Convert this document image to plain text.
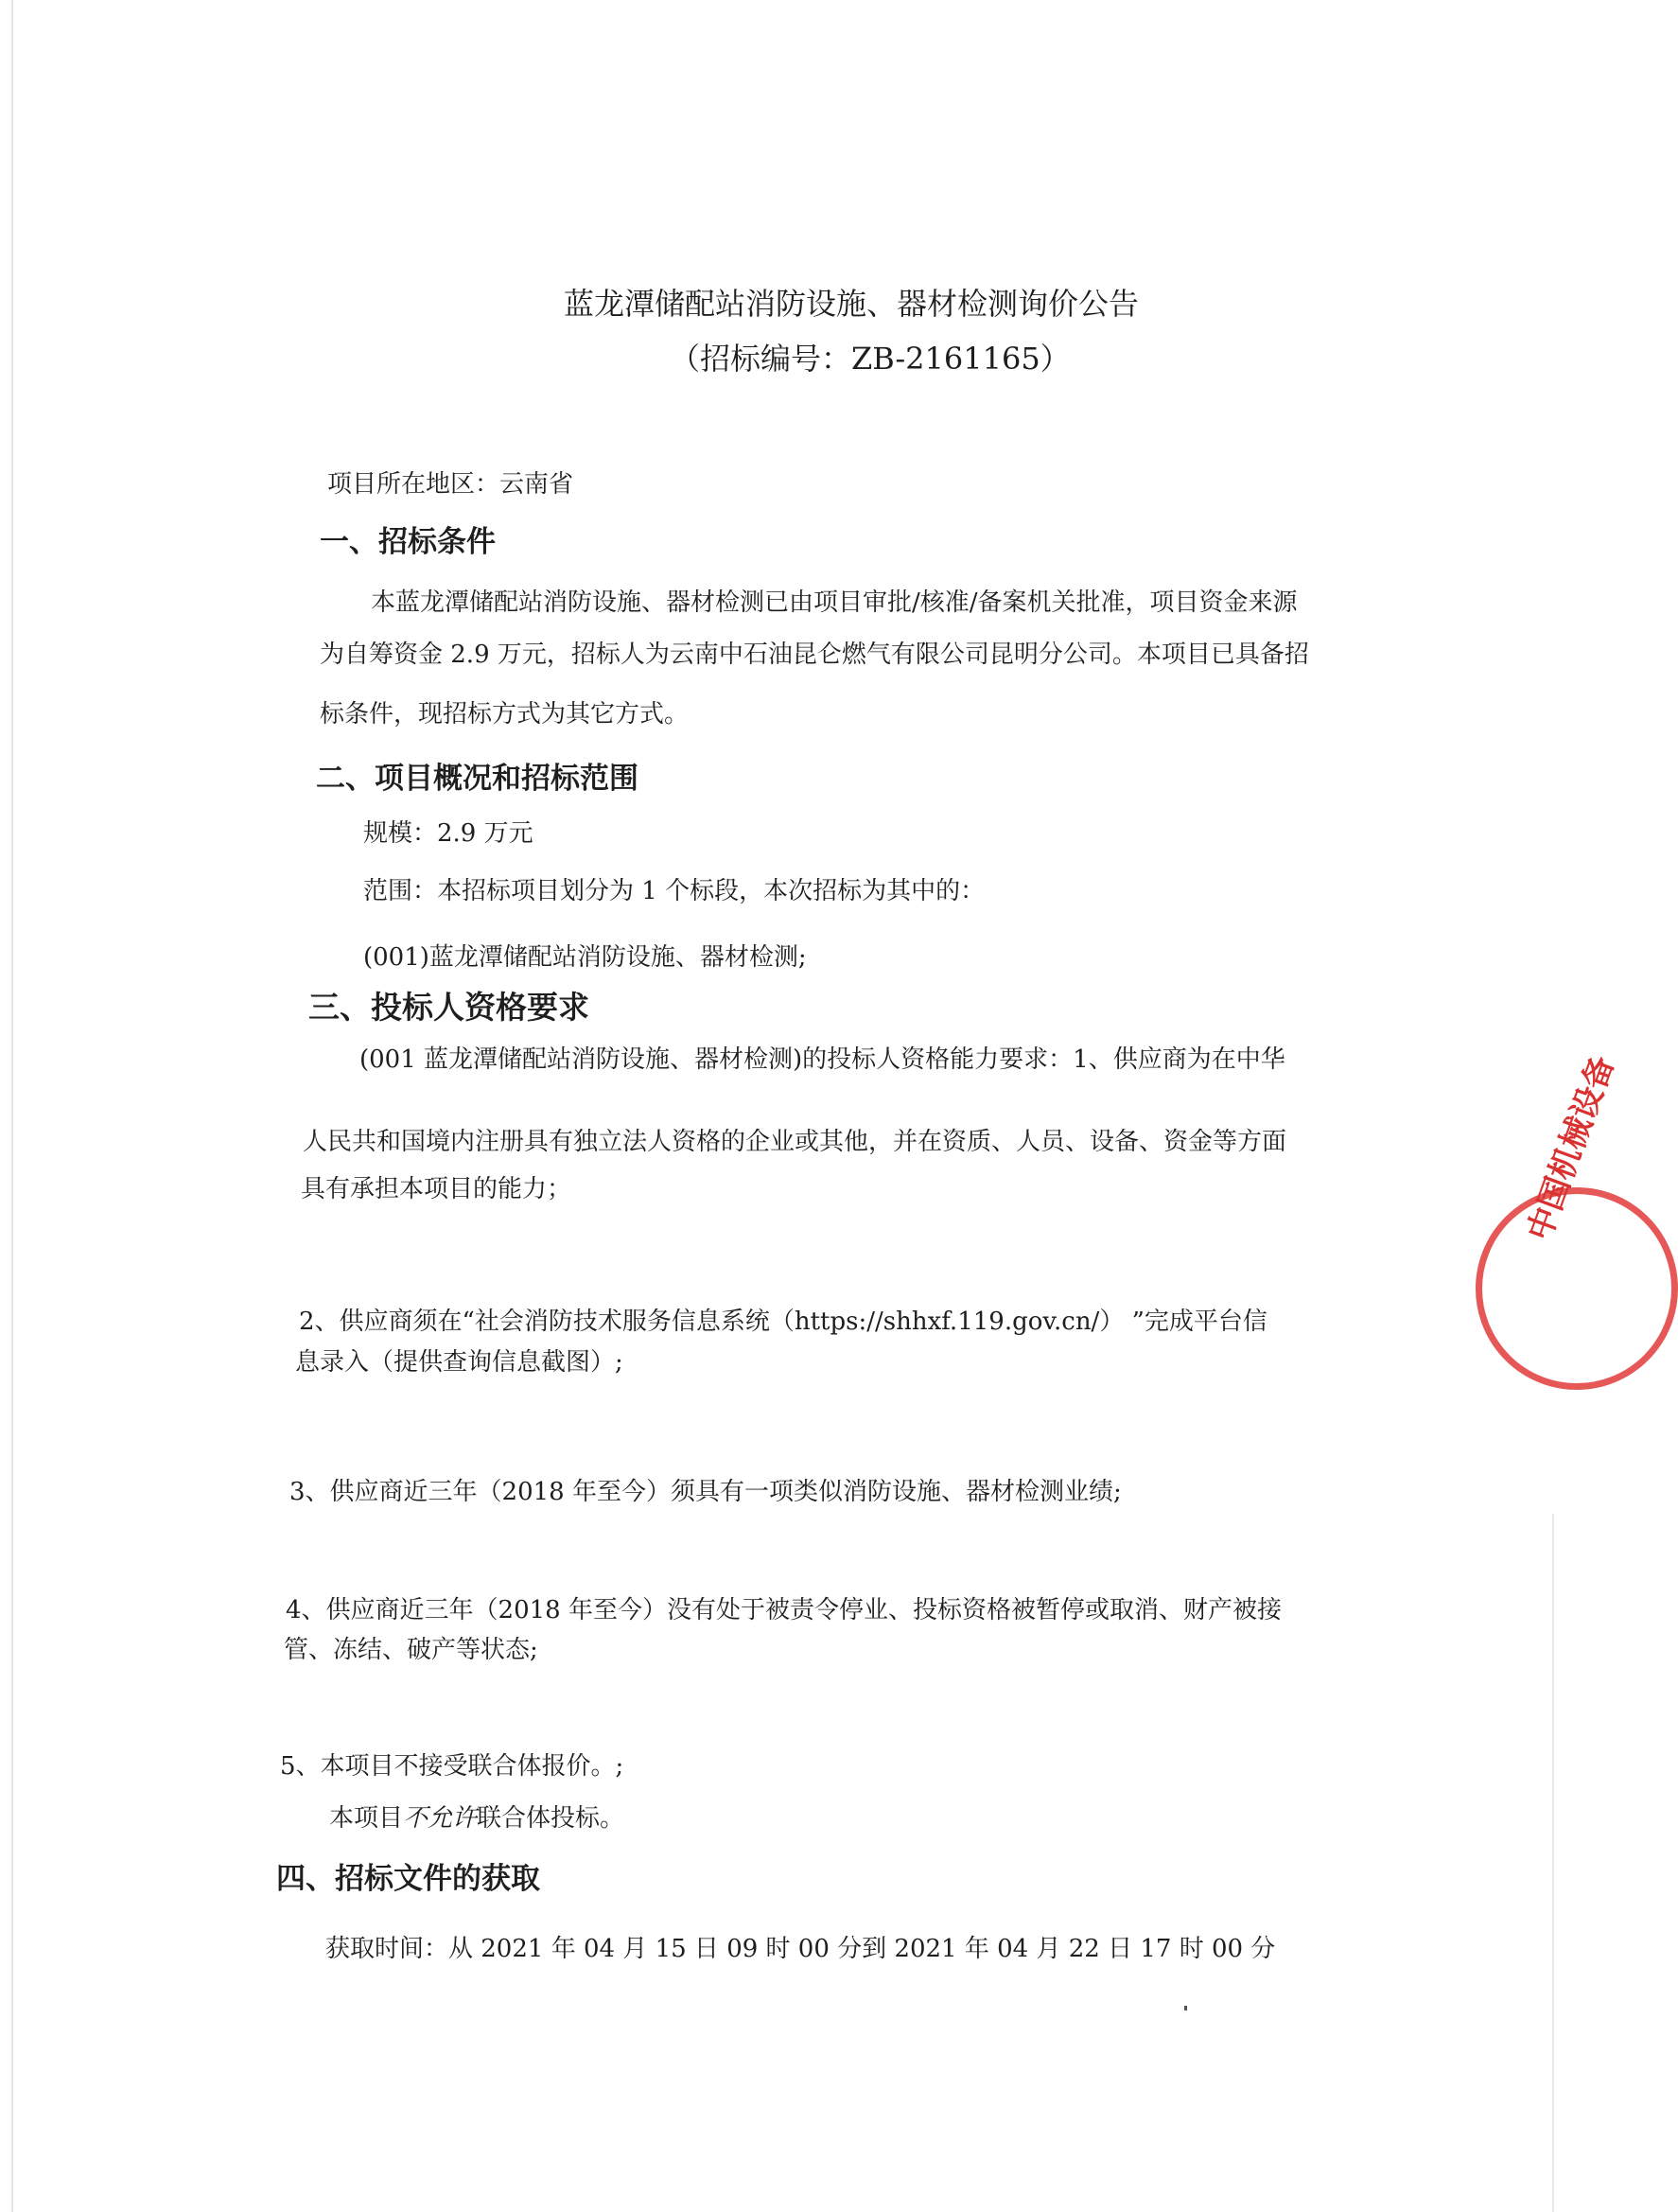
蓝龙潭储配站消防设施、器材检测询价公告
（招标编号：ZB-2161165）
项目所在地区：云南省
一、招标条件
本蓝龙潭储配站消防设施、器材检测已由项目审批/核准/备案机关批准，项目资金来源
为自筹资金 2.9 万元，招标人为云南中石油昆仑燃气有限公司昆明分公司。本项目已具备招
标条件，现招标方式为其它方式。
二、项目概况和招标范围
规模：2.9 万元
范围：本招标项目划分为 1 个标段，本次招标为其中的：
(001)蓝龙潭储配站消防设施、器材检测;
三、投标人资格要求
(001 蓝龙潭储配站消防设施、器材检测)的投标人资格能力要求：1、供应商为在中华
人民共和国境内注册具有独立法人资格的企业或其他，并在资质、人员、设备、资金等方面
具有承担本项目的能力；
2、供应商须在“社会消防技术服务信息系统（https://shhxf.119.gov.cn/） ”完成平台信
息录入（提供查询信息截图）;
3、供应商近三年（2018 年至今）须具有一项类似消防设施、器材检测业绩;
4、供应商近三年（2018 年至今）没有处于被责令停业、投标资格被暂停或取消、财产被接
管、冻结、破产等状态;
5、本项目不接受联合体报价。;
本项目不允许联合体投标。
四、招标文件的获取
获取时间：从 2021 年 04 月 15 日 09 时 00 分到 2021 年 04 月 22 日 17 时 00 分
中国机械设备
